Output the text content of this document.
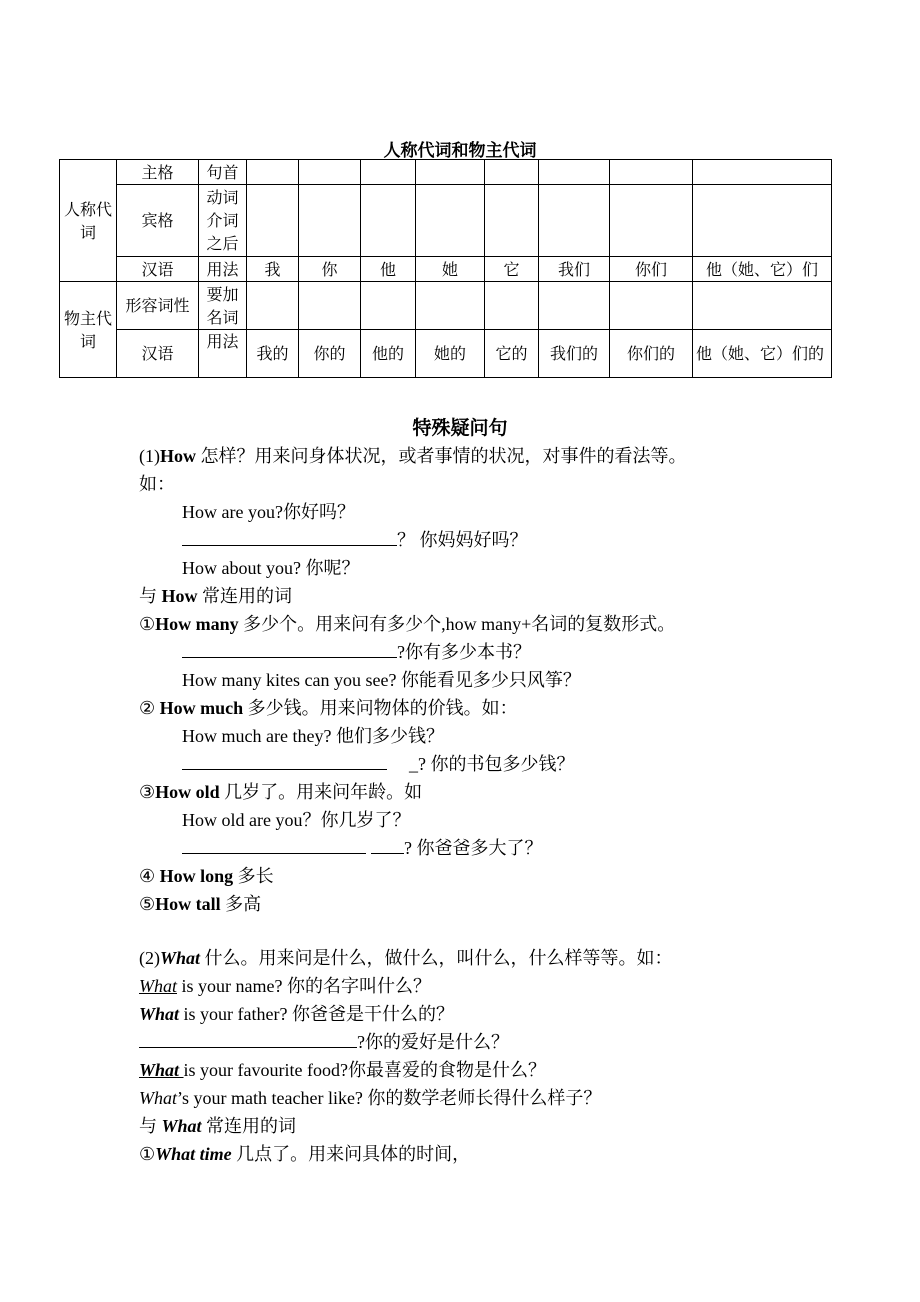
人称代词和物主代词
人称代词	主格	句首								
	宾格	动词介词之后								
	汉语	用法	我	你	他	她	它	我们	你们	他（她、它）们
物主代词	形容词性	要加名词								
	汉语	用法	我的	你的	他的	她的	它的	我们的	你们的	他（她、它）们的
特殊疑问句
(1)How 怎样？用来问身体状况，或者事情的状况，对事件的看法等。
如：
How are you?你好吗？
？ 你妈妈好吗？
How about you? 你呢？
与 How 常连用的词
①How many 多少个。用来问有多少个,how many+名词的复数形式。
?你有多少本书？
How many kites can you see? 你能看见多少只风筝？
② How much 多少钱。用来问物体的价钱。如：
How much are they? 他们多少钱？
_? 你的书包多少钱？
③How old 几岁了。用来问年龄。如
How old are you？你几岁了？
? 你爸爸多大了？
④ How long 多长
⑤How tall 多高
(2)What 什么。用来问是什么，做什么，叫什么，什么样等等。如：
What is your name? 你的名字叫什么？
What is your father? 你爸爸是干什么的？
?你的爱好是什么？
What is your favourite food?你最喜爱的食物是什么？
What’s your math teacher like? 你的数学老师长得什么样子？
与 What 常连用的词
①What time 几点了。用来问具体的时间，
